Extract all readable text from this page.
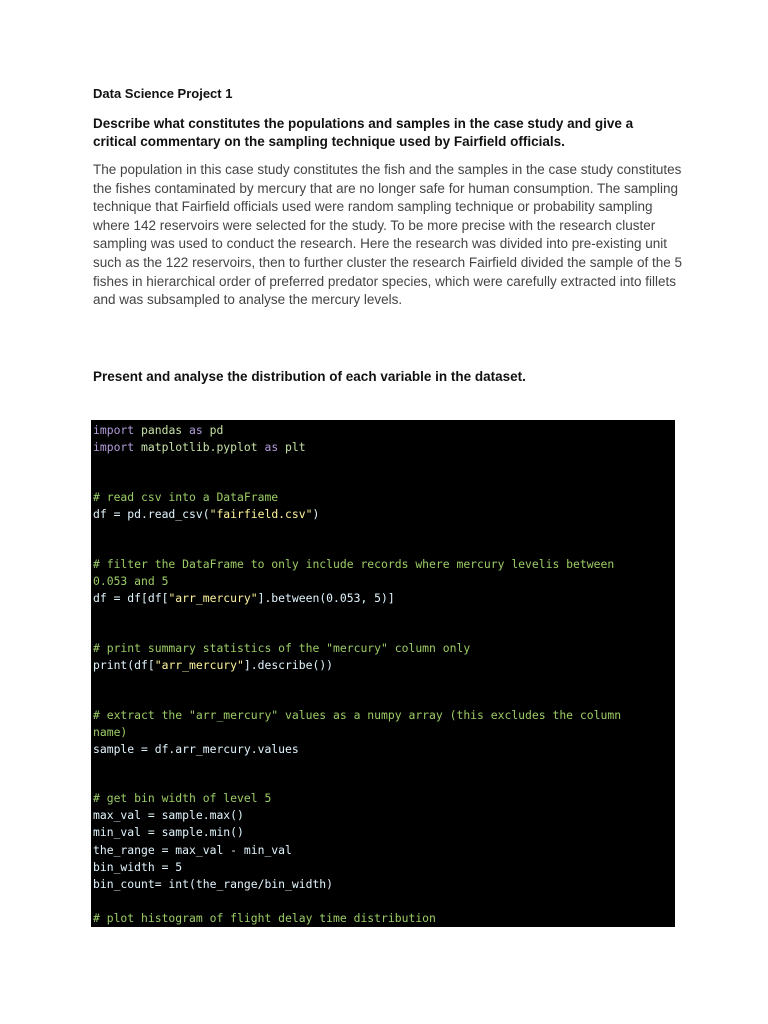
Data Science Project 1
Describe what constitutes the populations and samples in the case study and give a critical commentary on the sampling technique used by Fairfield officials.
The population in this case study constitutes the fish and the samples in the case study constitutes the fishes contaminated by mercury that are no longer safe for human consumption. The sampling technique that Fairfield officials used were random sampling technique or probability sampling where 142 reservoirs were selected for the study. To be more precise with the research cluster sampling was used to conduct the research. Here the research was divided into pre-existing unit such as the 122 reservoirs, then to further cluster the research Fairfield divided the sample of the 5 fishes in hierarchical order of preferred predator species, which were carefully extracted into fillets and was subsampled to analyse the mercury levels.
Present and analyse the distribution of each variable in the dataset.
import pandas as pd
import matplotlib.pyplot as plt
# read csv into a DataFrame
df = pd.read_csv("fairfield.csv")
# filter the DataFrame to only include records where mercury levelis between
0.053 and 5
df = df[df["arr_mercury"].between(0.053, 5)]
# print summary statistics of the "mercury" column only
print(df["arr_mercury"].describe())
# extract the "arr_mercury" values as a numpy array (this excludes the column
name)
sample = df.arr_mercury.values
# get bin width of level 5
max_val = sample.max()
min_val = sample.min()
the_range = max_val - min_val
bin_width = 5
bin_count= int(the_range/bin_width)
# plot histogram of flight delay time distribution
